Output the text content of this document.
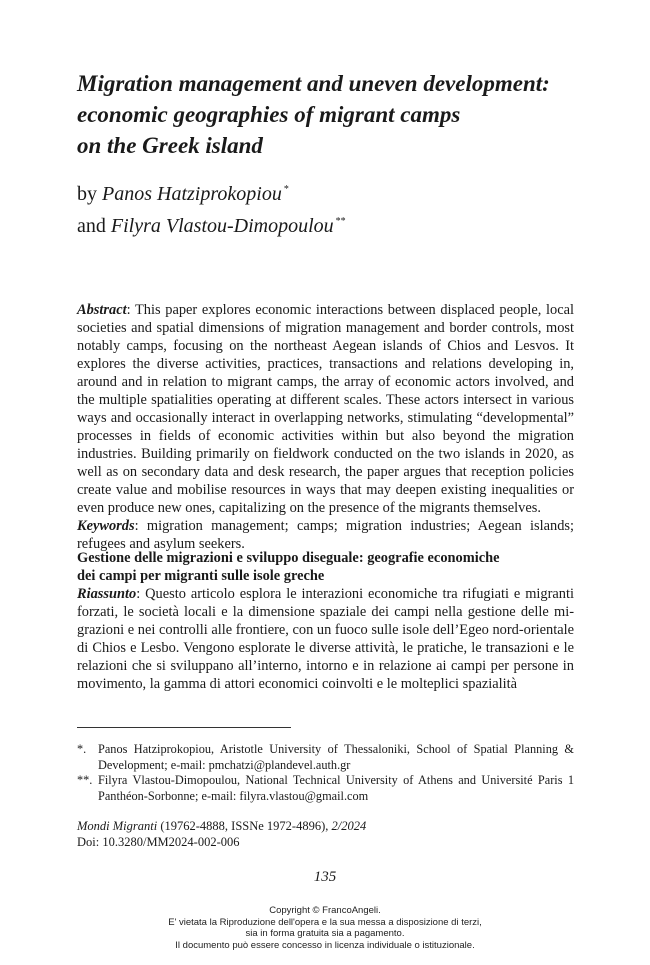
Migration management and uneven development:
economic geographies of migrant camps
on the Greek island
by Panos Hatziprokopiou *
and Filyra Vlastou-Dimopoulou **
Abstract: This paper explores economic interactions between displaced people, local societies and spatial dimensions of migration management and border controls, most notably camps, focusing on the northeast Aegean islands of Chios and Lesvos. It explores the diverse activities, practices, transactions and relations developing in, around and in relation to migrant camps, the array of economic actors involved, and the multiple spatialities operating at different scales. These actors intersect in various ways and occasionally interact in overlapping networks, stimulating “developmental” processes in fields of economic activities within but also beyond the migration industries. Building primarily on fieldwork conducted on the two islands in 2020, as well as on secondary data and desk research, the paper argues that reception policies create value and mobilise resources in ways that may deepen existing inequalities or even produce new ones, capitalizing on the presence of the migrants themselves.
Keywords: migration management; camps; migration industries; Aegean islands; refugees and asylum seekers.
Gestione delle migrazioni e sviluppo diseguale: geografie economiche
dei campi per migranti sulle isole greche
Riassunto: Questo articolo esplora le interazioni economiche tra rifugiati e migranti forzati, le società locali e la dimensione spaziale dei campi nella gestione delle migrazioni e nei controlli alle frontiere, con un fuoco sulle isole dell’Egeo nord-orientale di Chios e Lesbo. Vengono esplorate le diverse attività, le pratiche, le transazioni e le relazioni che si sviluppano all’interno, intorno e in relazione ai campi per persone in movimento, la gamma di attori economici coinvolti e le molteplici spazialità
*. Panos Hatziprokopiou, Aristotle University of Thessaloniki, School of Spatial Planning & Development; e-mail: pmchatzi@plandevel.auth.gr
**. Filyra Vlastou-Dimopoulou, National Technical University of Athens and Université Paris 1 Panthéon-Sorbonne; e-mail: filyra.vlastou@gmail.com
Mondi Migranti (19762-4888, ISSNe 1972-4896), 2/2024
Doi: 10.3280/MM2024-002-006
135
Copyright © FrancoAngeli.
E' vietata la Riproduzione dell'opera e la sua messa a disposizione di terzi,
sia in forma gratuita sia a pagamento.
Il documento può essere concesso in licenza individuale o istituzionale.
